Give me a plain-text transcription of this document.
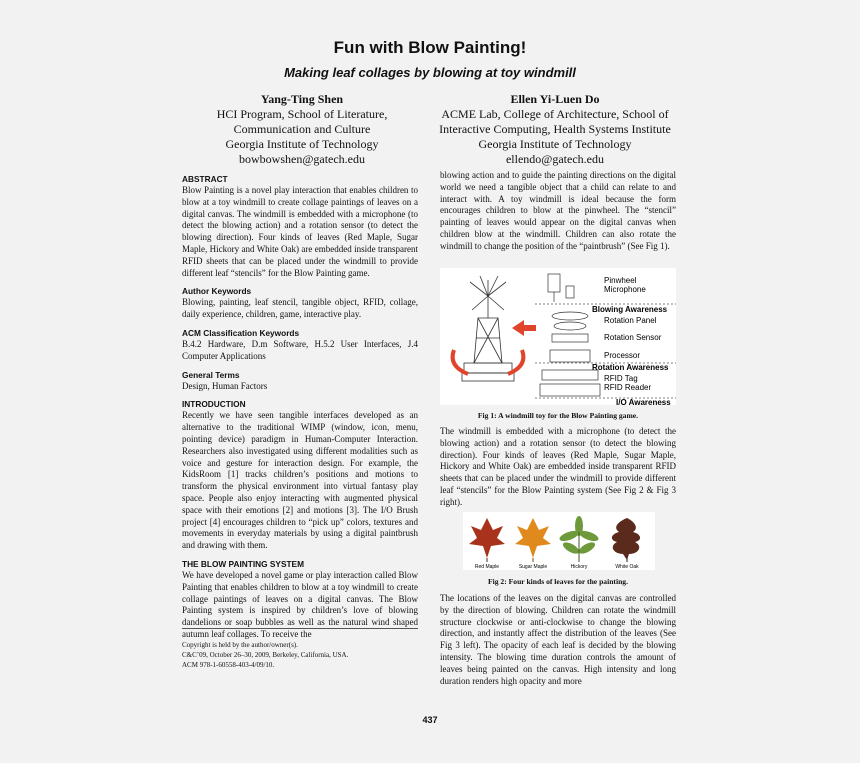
Fun with Blow Painting!
Making leaf collages by blowing at toy windmill
Yang-Ting Shen
HCI Program, School of Literature,
Communication and Culture
Georgia Institute of Technology
bowbowshen@gatech.edu
Ellen Yi-Luen Do
ACME Lab, College of Architecture, School of
Interactive Computing, Health Systems Institute
Georgia Institute of Technology
ellendo@gatech.edu
ABSTRACT

Blow Painting is a novel play interaction that enables children to blow at a toy windmill to create collage paintings of leaves on a digital canvas. The windmill is embedded with a microphone (to detect the blowing action) and a rotation sensor (to detect the blowing direction). Four kinds of leaves (Red Maple, Sugar Maple, Hickory and White Oak) are embedded inside transparent RFID sheets that can be placed under the windmill to provide different leaf “stencils” for the Blow Painting game.

Author Keywords

Blowing, painting, leaf stencil, tangible object, RFID, collage, daily experience, children, game, interactive play.

ACM Classification Keywords

B.4.2 Hardware, D.m Software, H.5.2 User Interfaces, J.4 Computer Applications

General Terms

Design, Human Factors

INTRODUCTION

Recently we have seen tangible interfaces developed as an alternative to the traditional WIMP (window, icon, menu, pointing device) paradigm in Human-Computer Interaction. Researchers also investigated using different modalities such as voice and gesture for interaction design. For example, the KidsRoom [1] tracks children’s positions and motions to transform the physical environment into virtual fantasy play space. People also enjoy interacting with augmented physical space with their emotions [2] and motions [3]. The I/O Brush project [4] encourages children to “pick up” colors, textures and movements in everyday materials by using a digital paintbrush and drawing with them.

THE BLOW PAINTING SYSTEM

We have developed a novel game or play interaction called Blow Painting that enables children to blow at a toy windmill to create collage paintings of leaves on a digital canvas. The Blow Painting system is inspired by children’s love of blowing dandelions or soap bubbles as well as the natural wind shaped autumn leaf collages. To receive the

Copyright is held by the author/owner(s).
C&C’09, October 26–30, 2009, Berkeley, California, USA.
ACM 978-1-60558-403-4/09/10.

blowing action and to guide the painting directions on the digital world we need a tangible object that a child can relate to and interact with. A toy windmill is ideal because the form encourages children to blow at the pinwheel. The “stencil” painting of leaves would appear on the digital canvas when children blow at the windmill. Children can also rotate the windmill to change the position of the “paintbrush” (See Fig 1).

Pinwheel
Microphone
Blowing Awareness
Rotation Panel
Rotation Sensor
Processor
Rotation Awareness
RFID Tag
RFID Reader
I/O Awareness
Fig 1: A windmill toy for the Blow Painting game.

The windmill is embedded with a microphone (to detect the blowing action) and a rotation sensor (to detect the blowing direction). Four kinds of leaves (Red Maple, Sugar Maple, Hickory and White Oak) are embedded inside transparent RFID sheets that can be placed under the windmill to provide different leaf “stencils” for the Blow Painting system (See Fig 2 & Fig 3 right).

Red Maple	Sugar Maple	Hickory	White Oak
Fig 2: Four kinds of leaves for the painting.

The locations of the leaves on the digital canvas are controlled by the direction of blowing. Children can rotate the windmill structure clockwise or anti-clockwise to change the blowing direction, and instantly affect the distribution of the leaves (See Fig 3 left). The opacity of each leaf is decided by the blowing intensity. The blowing time duration controls the amount of leaves being painted on the canvas. High intensity and long duration renders high opacity and more

437
